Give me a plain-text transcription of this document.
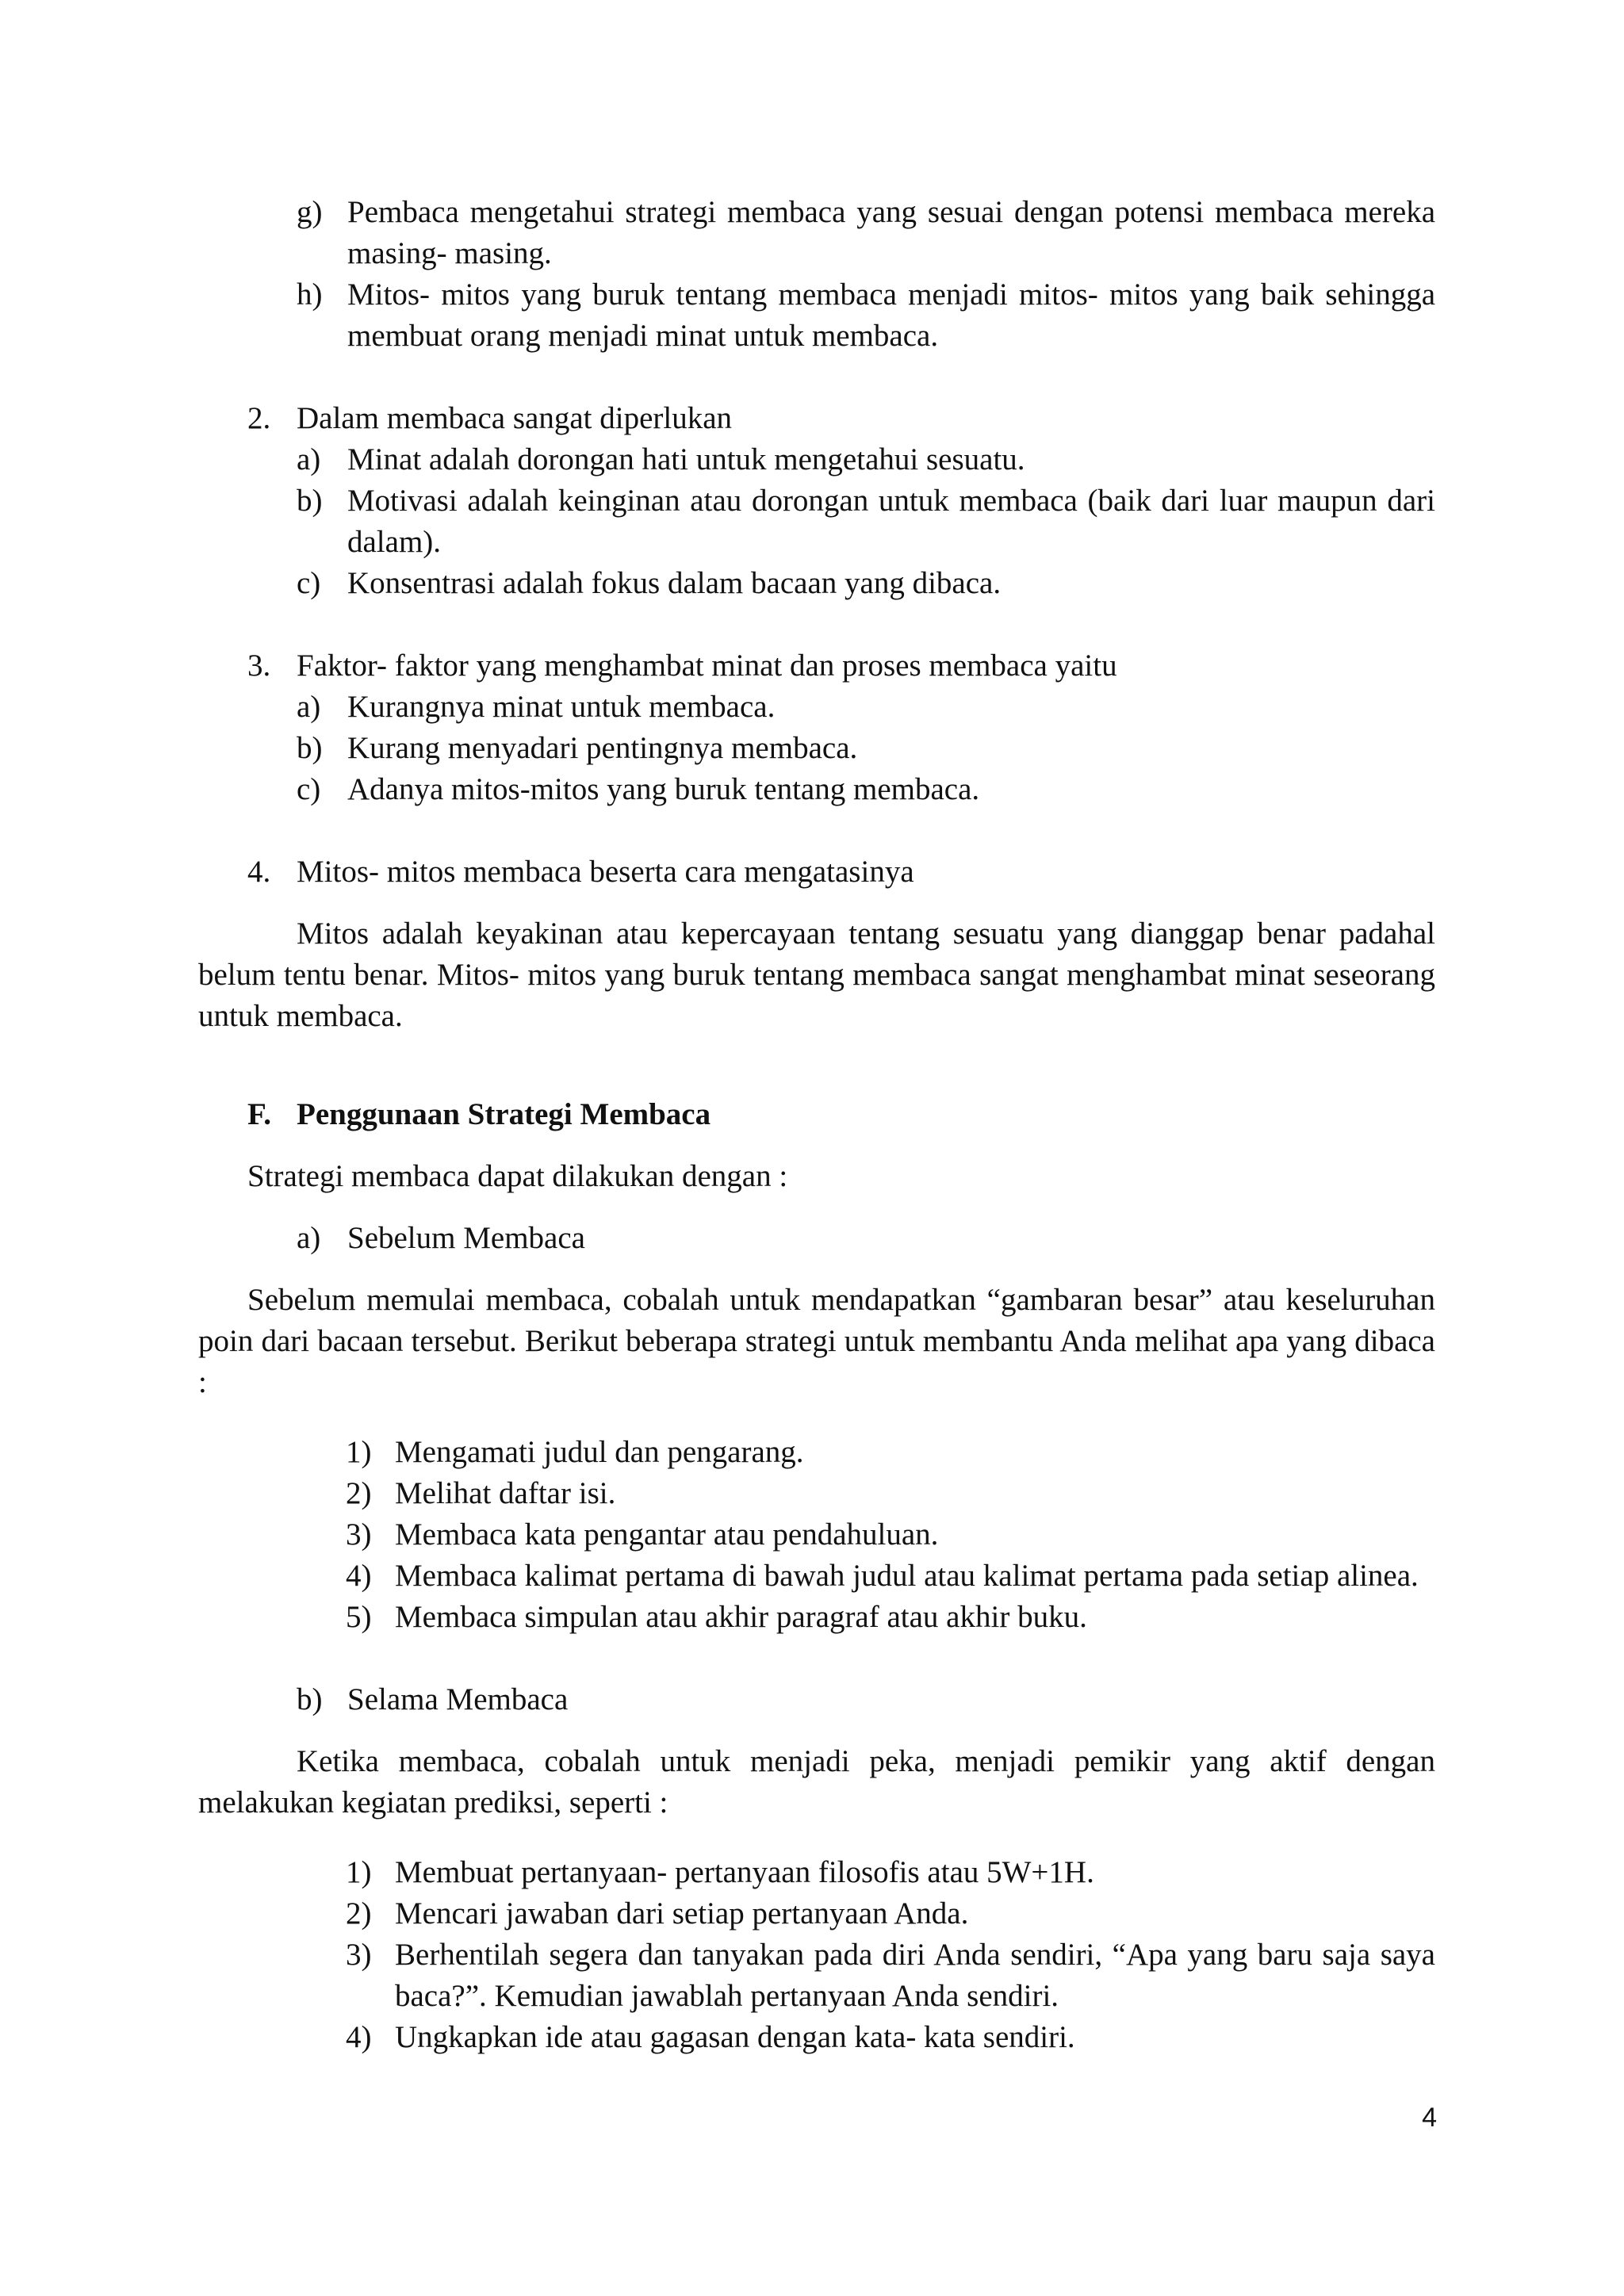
g) Pembaca mengetahui strategi membaca yang sesuai dengan potensi membaca mereka masing- masing.
h) Mitos- mitos yang buruk tentang membaca menjadi mitos- mitos yang baik sehingga membuat orang menjadi minat untuk membaca.
2. Dalam membaca sangat diperlukan
a) Minat adalah dorongan hati untuk mengetahui sesuatu.
b) Motivasi adalah keinginan atau dorongan untuk membaca (baik dari luar maupun dari dalam).
c) Konsentrasi adalah fokus dalam bacaan yang dibaca.
3. Faktor- faktor yang menghambat minat dan proses membaca yaitu
a) Kurangnya minat untuk membaca.
b) Kurang menyadari pentingnya membaca.
c) Adanya mitos-mitos yang buruk tentang membaca.
4. Mitos- mitos membaca beserta cara mengatasinya

Mitos adalah keyakinan atau kepercayaan tentang sesuatu yang dianggap benar padahal belum tentu benar. Mitos- mitos yang buruk tentang membaca sangat menghambat minat seseorang untuk membaca.

F. Penggunaan Strategi Membaca
Strategi membaca dapat dilakukan dengan :
a) Sebelum Membaca

Sebelum memulai membaca, cobalah untuk mendapatkan “gambaran besar” atau keseluruhan poin dari bacaan tersebut. Berikut beberapa strategi untuk membantu Anda melihat apa yang dibaca :

1) Mengamati judul dan pengarang.
2) Melihat daftar isi.
3) Membaca kata pengantar atau pendahuluan.
4) Membaca kalimat pertama di bawah judul atau kalimat pertama pada setiap alinea.
5) Membaca simpulan atau akhir paragraf atau akhir buku.
b) Selama Membaca

Ketika membaca, cobalah untuk menjadi peka, menjadi pemikir yang aktif dengan melakukan kegiatan prediksi, seperti :

1) Membuat pertanyaan- pertanyaan filosofis atau 5W+1H.
2) Mencari jawaban dari setiap pertanyaan Anda.
3) Berhentilah segera dan tanyakan pada diri Anda sendiri, “Apa yang baru saja saya baca?”. Kemudian jawablah pertanyaan Anda sendiri.
4) Ungkapkan ide atau gagasan dengan kata- kata sendiri.
4
